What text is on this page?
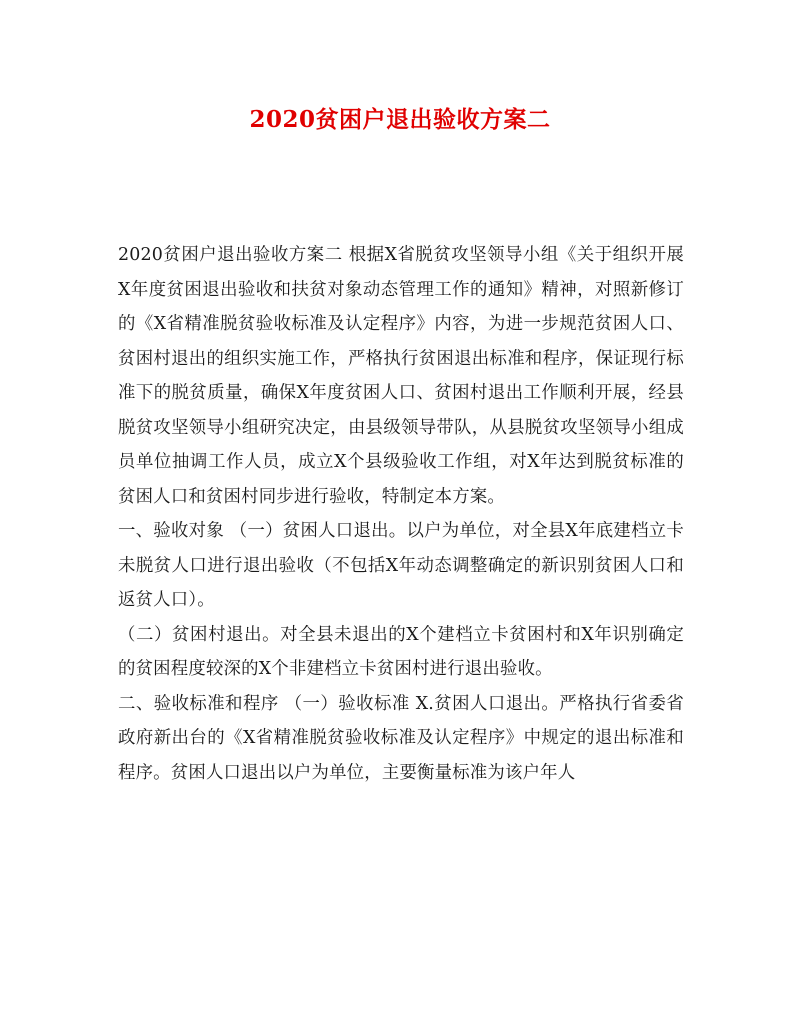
2020贫困户退出验收方案二

2020贫困户退出验收方案二 根据X省脱贫攻坚领导小组《关于组织开展X年度贫困退出验收和扶贫对象动态管理工作的通知》精神，对照新修订的《X省精准脱贫验收标准及认定程序》内容，为进一步规范贫困人口、贫困村退出的组织实施工作，严格执行贫困退出标准和程序，保证现行标准下的脱贫质量，确保X年度贫困人口、贫困村退出工作顺利开展，经县脱贫攻坚领导小组研究决定，由县级领导带队，从县脱贫攻坚领导小组成员单位抽调工作人员，成立X个县级验收工作组，对X年达到脱贫标准的贫困人口和贫困村同步进行验收，特制定本方案。

一、验收对象 （一）贫困人口退出。以户为单位，对全县X年底建档立卡未脱贫人口进行退出验收（不包括X年动态调整确定的新识别贫困人口和返贫人口）。

（二）贫困村退出。对全县未退出的X个建档立卡贫困村和X年识别确定的贫困程度较深的X个非建档立卡贫困村进行退出验收。

二、验收标准和程序 （一）验收标准 X.贫困人口退出。严格执行省委省政府新出台的《X省精准脱贫验收标准及认定程序》中规定的退出标准和程序。贫困人口退出以户为单位，主要衡量标准为该户年人
